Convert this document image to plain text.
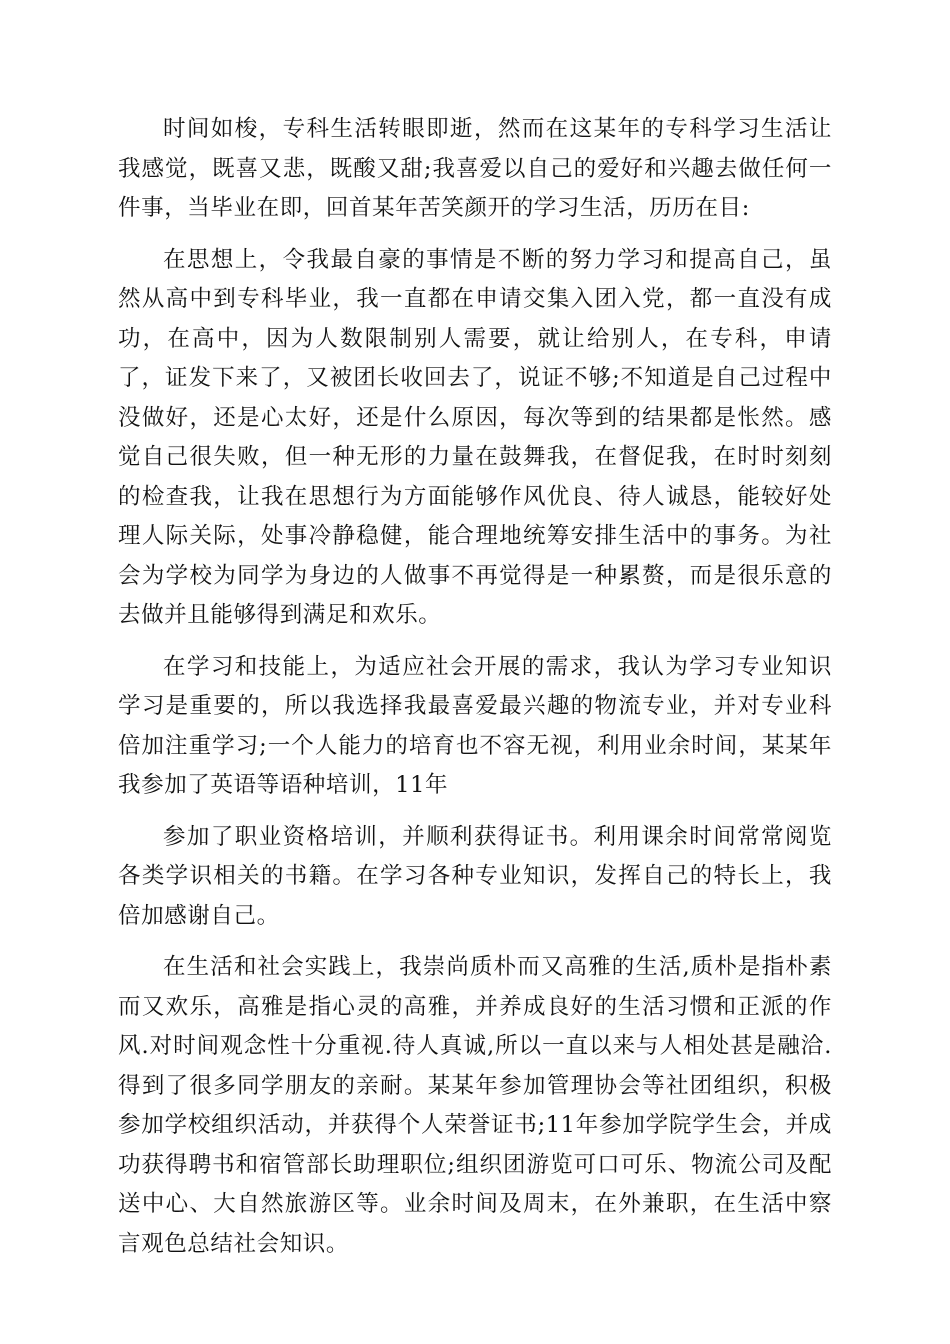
时间如梭，专科生活转眼即逝，然而在这某年的专科学习生活让我感觉，既喜又悲，既酸又甜;我喜爱以自己的爱好和兴趣去做任何一件事，当毕业在即，回首某年苦笑颜开的学习生活，历历在目:

在思想上，令我最自豪的事情是不断的努力学习和提高自己，虽然从高中到专科毕业，我一直都在申请交集入团入党，都一直没有成功，在高中，因为人数限制别人需要，就让给别人，在专科，申请了，证发下来了，又被团长收回去了，说证不够;不知道是自己过程中没做好，还是心太好，还是什么原因，每次等到的结果都是怅然。感觉自己很失败，但一种无形的力量在鼓舞我，在督促我，在时时刻刻的检查我，让我在思想行为方面能够作风优良、待人诚恳，能较好处理人际关际，处事冷静稳健，能合理地统筹安排生活中的事务。为社会为学校为同学为身边的人做事不再觉得是一种累赘，而是很乐意的去做并且能够得到满足和欢乐。

在学习和技能上，为适应社会开展的需求，我认为学习专业知识学习是重要的，所以我选择我最喜爱最兴趣的物流专业，并对专业科倍加注重学习;一个人能力的培育也不容无视，利用业余时间，某某年我参加了英语等语种培训，11年

参加了职业资格培训，并顺利获得证书。利用课余时间常常阅览各类学识相关的书籍。在学习各种专业知识，发挥自己的特长上，我倍加感谢自己。

在生活和社会实践上，我崇尚质朴而又高雅的生活,质朴是指朴素而又欢乐，高雅是指心灵的高雅，并养成良好的生活习惯和正派的作风.对时间观念性十分重视.待人真诚,所以一直以来与人相处甚是融洽.得到了很多同学朋友的亲耐。某某年参加管理协会等社团组织，积极参加学校组织活动，并获得个人荣誉证书;11年参加学院学生会，并成功获得聘书和宿管部长助理职位;组织团游览可口可乐、物流公司及配送中心、大自然旅游区等。业余时间及周末，在外兼职，在生活中察言观色总结社会知识。
